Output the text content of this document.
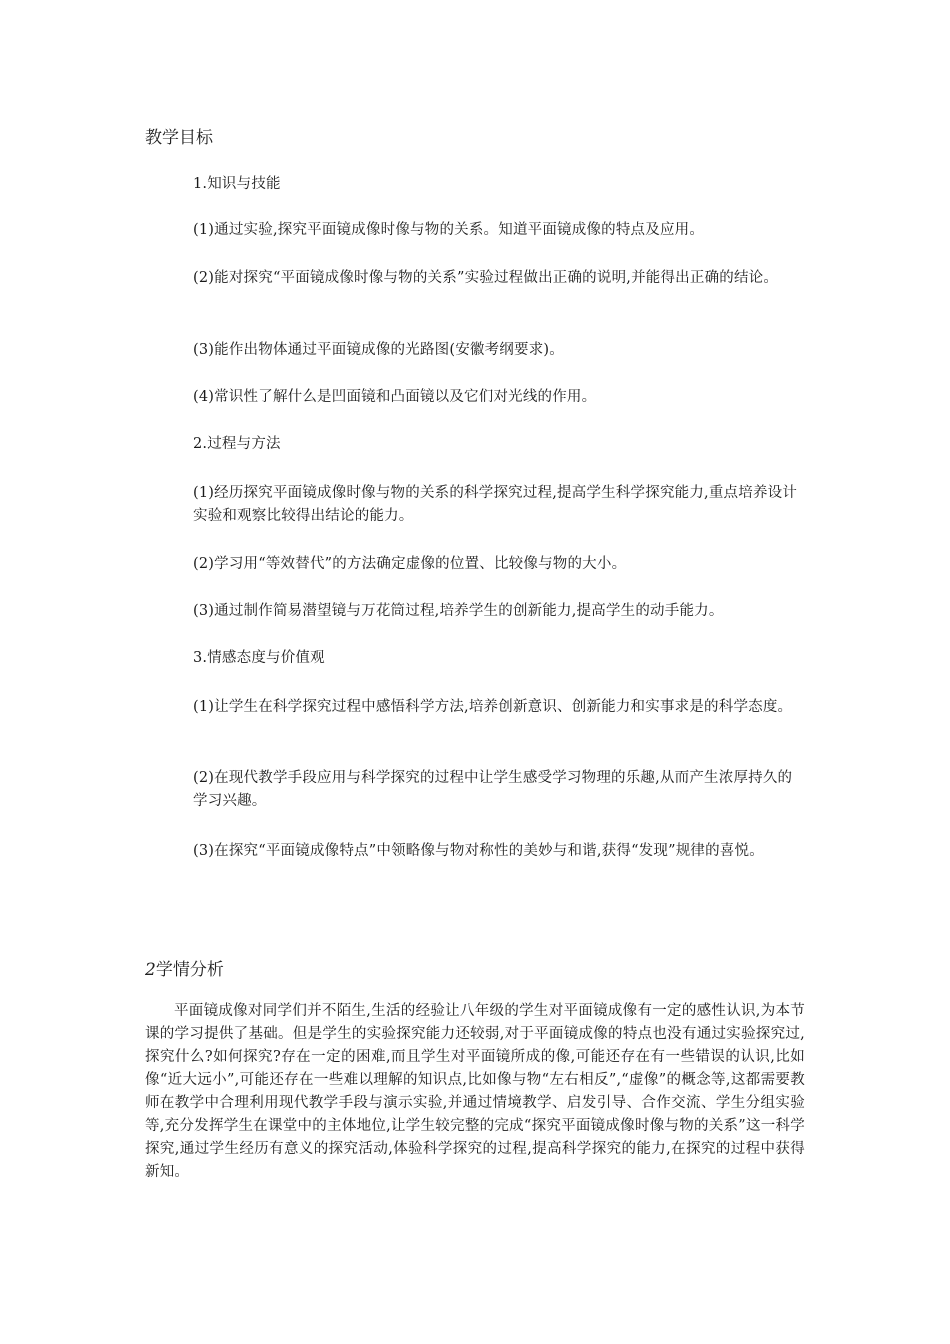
教学目标
1.知识与技能
(1)通过实验,探究平面镜成像时像与物的关系。知道平面镜成像的特点及应用。
(2)能对探究“平面镜成像时像与物的关系”实验过程做出正确的说明,并能得出正确的结论。
(3)能作出物体通过平面镜成像的光路图(安徽考纲要求)。
(4)常识性了解什么是凹面镜和凸面镜以及它们对光线的作用。
2.过程与方法
(1)经历探究平面镜成像时像与物的关系的科学探究过程,提高学生科学探究能力,重点培养设计实验和观察比较得出结论的能力。
(2)学习用“等效替代”的方法确定虚像的位置、比较像与物的大小。
(3)通过制作简易潜望镜与万花筒过程,培养学生的创新能力,提高学生的动手能力。
3.情感态度与价值观
(1)让学生在科学探究过程中感悟科学方法,培养创新意识、创新能力和实事求是的科学态度。
(2)在现代教学手段应用与科学探究的过程中让学生感受学习物理的乐趣,从而产生浓厚持久的学习兴趣。
(3)在探究“平面镜成像特点”中领略像与物对称性的美妙与和谐,获得“发现”规律的喜悦。
2学情分析
平面镜成像对同学们并不陌生,生活的经验让八年级的学生对平面镜成像有一定的感性认识,为本节课的学习提供了基础。但是学生的实验探究能力还较弱,对于平面镜成像的特点也没有通过实验探究过,探究什么?如何探究?存在一定的困难,而且学生对平面镜所成的像,可能还存在有一些错误的认识,比如像“近大远小”,可能还存在一些难以理解的知识点,比如像与物“左右相反”,“虚像”的概念等,这都需要教师在教学中合理利用现代教学手段与演示实验,并通过情境教学、启发引导、合作交流、学生分组实验等,充分发挥学生在课堂中的主体地位,让学生较完整的完成“探究平面镜成像时像与物的关系”这一科学探究,通过学生经历有意义的探究活动,体验科学探究的过程,提高科学探究的能力,在探究的过程中获得新知。
